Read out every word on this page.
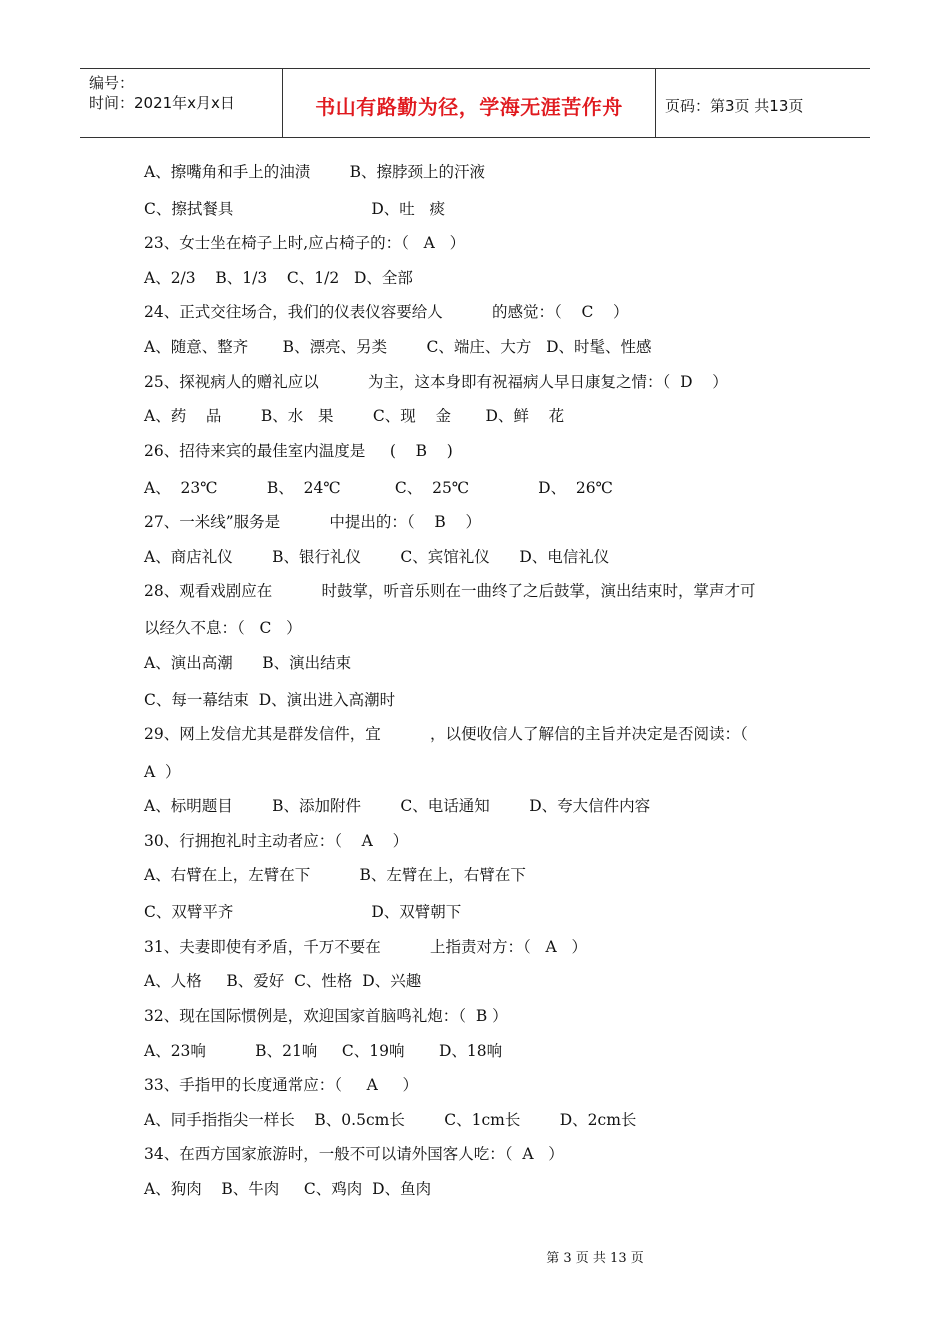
编号：
时间：2021年x月x日	书山有路勤为径，学海无涯苦作舟	页码：第3页 共13页
A、擦嘴角和手上的油渍        B、擦脖颈上的汗液
C、擦拭餐具                            D、吐   痰
23、女士坐在椅子上时,应占椅子的：（   A   ）
A、2/3    B、1/3    C、1/2   D、全部
24、正式交往场合，我们的仪表仪容要给人          的感觉：（    C    ）
A、随意、整齐       B、漂亮、另类        C、端庄、大方   D、时髦、性感
25、探视病人的赠礼应以          为主，这本身即有祝福病人早日康复之情：（  D    ）
A、药    品        B、水   果        C、现    金       D、鲜    花
26、招待来宾的最佳室内温度是     (    B    )
A、  23℃          B、  24℃           C、  25℃              D、  26℃
27、一米线”服务是          中提出的：（    B    ）
A、商店礼仪        B、银行礼仪        C、宾馆礼仪      D、电信礼仪
28、观看戏剧应在          时鼓掌，听音乐则在一曲终了之后鼓掌，演出结束时，掌声才可
以经久不息：（   C   ）
A、演出高潮      B、演出结束
C、每一幕结束  D、演出进入高潮时
29、网上发信尤其是群发信件，宜          ，以便收信人了解信的主旨并决定是否阅读：（
A  ）
A、标明题目        B、添加附件        C、电话通知        D、夸大信件内容
30、行拥抱礼时主动者应：（    A    ）
A、右臂在上，左臂在下          B、左臂在上，右臂在下
C、双臂平齐                            D、双臂朝下
31、夫妻即使有矛盾，千万不要在          上指责对方：（   A   ）
A、人格     B、爱好  C、性格  D、兴趣
32、现在国际惯例是，欢迎国家首脑鸣礼炮：（  B ）
A、23响          B、21响     C、19响       D、18响
33、手指甲的长度通常应：（     A     ）
A、同手指指尖一样长    B、0.5cm长        C、1cm长        D、2cm长
34、在西方国家旅游时，一般不可以请外国客人吃：（  A   ）
A、狗肉    B、牛肉     C、鸡肉  D、鱼肉
第 3 页 共 13 页
